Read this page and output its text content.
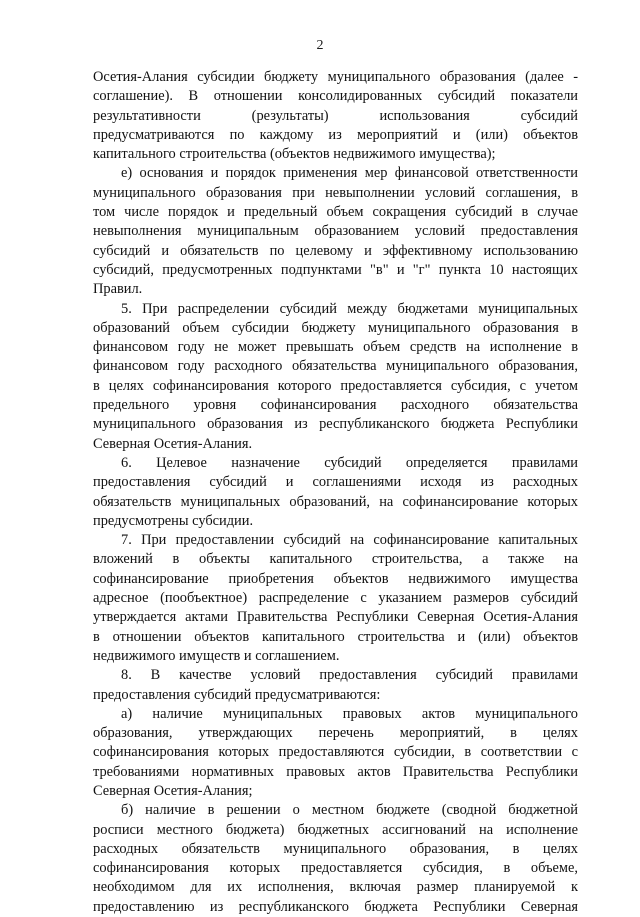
2
Осетия-Алания субсидии бюджету муниципального образования (далее -
соглашение). В отношении консолидированных субсидий показатели
результативности (результаты) использования субсидий
предусматриваются по каждому из мероприятий и (или) объектов
капитального строительства (объектов недвижимого имущества);
е) основания и порядок применения мер финансовой ответственности
муниципального образования при невыполнении условий соглашения, в
том числе порядок и предельный объем сокращения субсидий в случае
невыполнения муниципальным образованием условий предоставления
субсидий и обязательств по целевому и эффективному использованию
субсидий, предусмотренных подпунктами "в" и "г" пункта 10 настоящих
Правил.
5. При распределении субсидий между бюджетами муниципальных
образований объем субсидии бюджету муниципального образования в
финансовом году не может превышать объем средств на исполнение в
финансовом году расходного обязательства муниципального образования,
в целях софинансирования которого предоставляется субсидия, с учетом
предельного уровня софинансирования расходного обязательства
муниципального образования из республиканского бюджета Республики
Северная Осетия-Алания.
6. Целевое назначение субсидий определяется правилами
предоставления субсидий и соглашениями исходя из расходных
обязательств муниципальных образований, на софинансирование которых
предусмотрены субсидии.
7. При предоставлении субсидий на софинансирование капитальных
вложений в объекты капитального строительства, а также на
софинансирование приобретения объектов недвижимого имущества
адресное (пообъектное) распределение с указанием размеров субсидий
утверждается актами Правительства Республики Северная Осетия-Алания
в отношении объектов капитального строительства и (или) объектов
недвижимого имуществ и соглашением.
8. В качестве условий предоставления субсидий правилами
предоставления субсидий предусматриваются:
а) наличие муниципальных правовых актов муниципального
образования, утверждающих перечень мероприятий, в целях
софинансирования которых предоставляются субсидии, в соответствии с
требованиями нормативных правовых актов Правительства Республики
Северная Осетия-Алания;
б) наличие в решении о местном бюджете (сводной бюджетной
росписи местного бюджета) бюджетных ассигнований на исполнение
расходных обязательств муниципального образования, в целях
софинансирования которых предоставляется субсидия, в объеме,
необходимом для их исполнения, включая размер планируемой к
предоставлению из республиканского бюджета Республики Северная
